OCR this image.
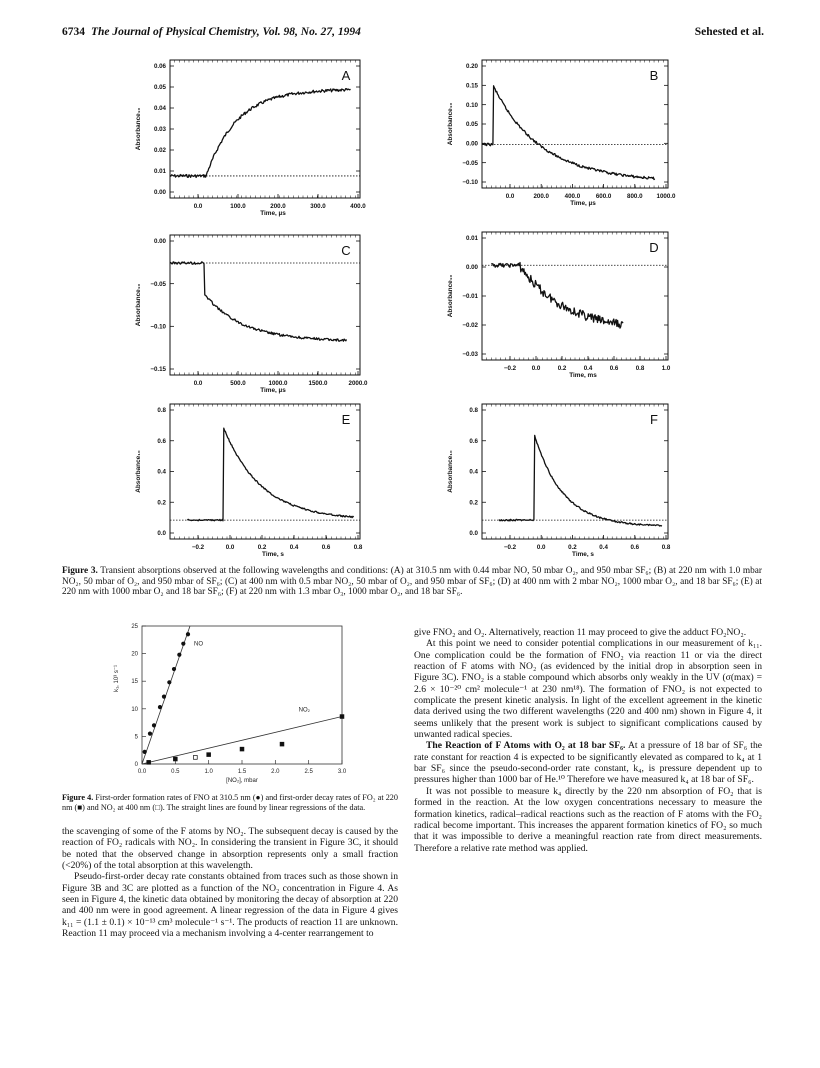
6734 The Journal of Physical Chemistry, Vol. 98, No. 27, 1994	Sehested et al.
0.06
0.05
0.04
0.03
0.02
0.01
0.00
0.0	100.0	200.0	300.0	400.0
Time, µs
Absorbance₁₀
A
0.20
0.15
0.10
0.05
0.00
−0.05
−0.10
0.0	200.0	400.0	600.0	800.0 1000.0
Time, µs
Absorbance₁₀
B
0.00
−0.05
−0.10
−0.15
0.0	500.0	1000.0	1500.0	2000.0
Time, µs
Absorbance₁₀
C
0.01
0.00
−0.01
−0.02
−0.03
−0.2	0.0	0.2	0.4	0.6	0.8	1.0
Time, ms
Absorbance₁₀
D
0.8
0.6
0.4
0.2
0.0
−0.2	0.0	0.2	0.4	0.6	0.8
Time, s
Absorbance₁₀
E
0.8
0.6
0.4
0.2
0.0
−0.2	0.0	0.2	0.4	0.6	0.8
Time, s
Absorbance₁₀
F
Figure 3. Transient absorptions observed at the following wavelengths and conditions: (A) at 310.5 nm with 0.44 mbar NO, 50 mbar O₂, and 950 mbar SF₆; (B) at 220 nm with 1.0 mbar NO₂, 50 mbar of O₂, and 950 mbar of SF₆; (C) at 400 nm with 0.5 mbar NO₂, 50 mbar of O₂, and 950 mbar of SF₆; (D) at 400 nm with 2 mbar NO₂, 1000 mbar O₂, and 18 bar SF₆; (E) at 220 nm with 1000 mbar O₂ and 18 bar SF₆; (F) at 220 nm with 1.3 mbar O₃, 1000 mbar O₂, and 18 bar SF₆.
25
20
15
10
5
0
0.0	0.5	1.0	1.5	2.0	2.5	3.0
[NO₂], mbar
k₁, 10³ s⁻¹
NO
NO₂
Figure 4. First-order formation rates of FNO at 310.5 nm (●) and first-order decay rates of FO₂ at 220 nm (■) and NO₂ at 400 nm (□). The straight lines are found by linear regressions of the data.

the scavenging of some of the F atoms by NO₂. The subsequent decay is caused by the reaction of FO₂ radicals with NO₂. In considering the transient in Figure 3C, it should be noted that the observed change in absorption represents only a small fraction (<20%) of the total absorption at this wavelength.

Pseudo-first-order decay rate constants obtained from traces such as those shown in Figure 3B and 3C are plotted as a function of the NO₂ concentration in Figure 4. As seen in Figure 4, the kinetic data obtained by monitoring the decay of absorption at 220 and 400 nm were in good agreement. A linear regression of the data in Figure 4 gives k₁₁ = (1.1 ± 0.1) × 10⁻¹³ cm³ molecule⁻¹ s⁻¹. The products of reaction 11 are unknown. Reaction 11 may proceed via a mechanism involving a 4-center rearrangement to

give FNO₂ and O₂. Alternatively, reaction 11 may proceed to give the adduct FO₂NO₂.

At this point we need to consider potential complications in our measurement of k₁₁. One complication could be the formation of FNO₂ via reaction 11 or via the direct reaction of F atoms with NO₂ (as evidenced by the initial drop in absorption seen in Figure 3C). FNO₂ is a stable compound which absorbs only weakly in the UV (σ(max) = 2.6 × 10⁻²⁰ cm² molecule⁻¹ at 230 nm¹⁸). The formation of FNO₂ is not expected to complicate the present kinetic analysis. In light of the excellent agreement in the kinetic data derived using the two different wavelengths (220 and 400 nm) shown in Figure 4, it seems unlikely that the present work is subject to significant complications caused by unwanted radical species.

The Reaction of F Atoms with O₂ at 18 bar SF₆. At a pressure of 18 bar of SF₆ the rate constant for reaction 4 is expected to be significantly elevated as compared to k₄ at 1 bar SF₆ since the pseudo-second-order rate constant, k₄, is pressure dependent up to pressures higher than 1000 bar of He.¹⁰ Therefore we have measured k₄ at 18 bar of SF₆.

It was not possible to measure k₄ directly by the 220 nm absorption of FO₂ that is formed in the reaction. At the low oxygen concentrations necessary to measure the formation kinetics, radical–radical reactions such as the reaction of F atoms with the FO₂ radical become important. This increases the apparent formation kinetics of FO₂ so much that it was impossible to derive a meaningful reaction rate from direct measurements. Therefore a relative rate method was applied.
